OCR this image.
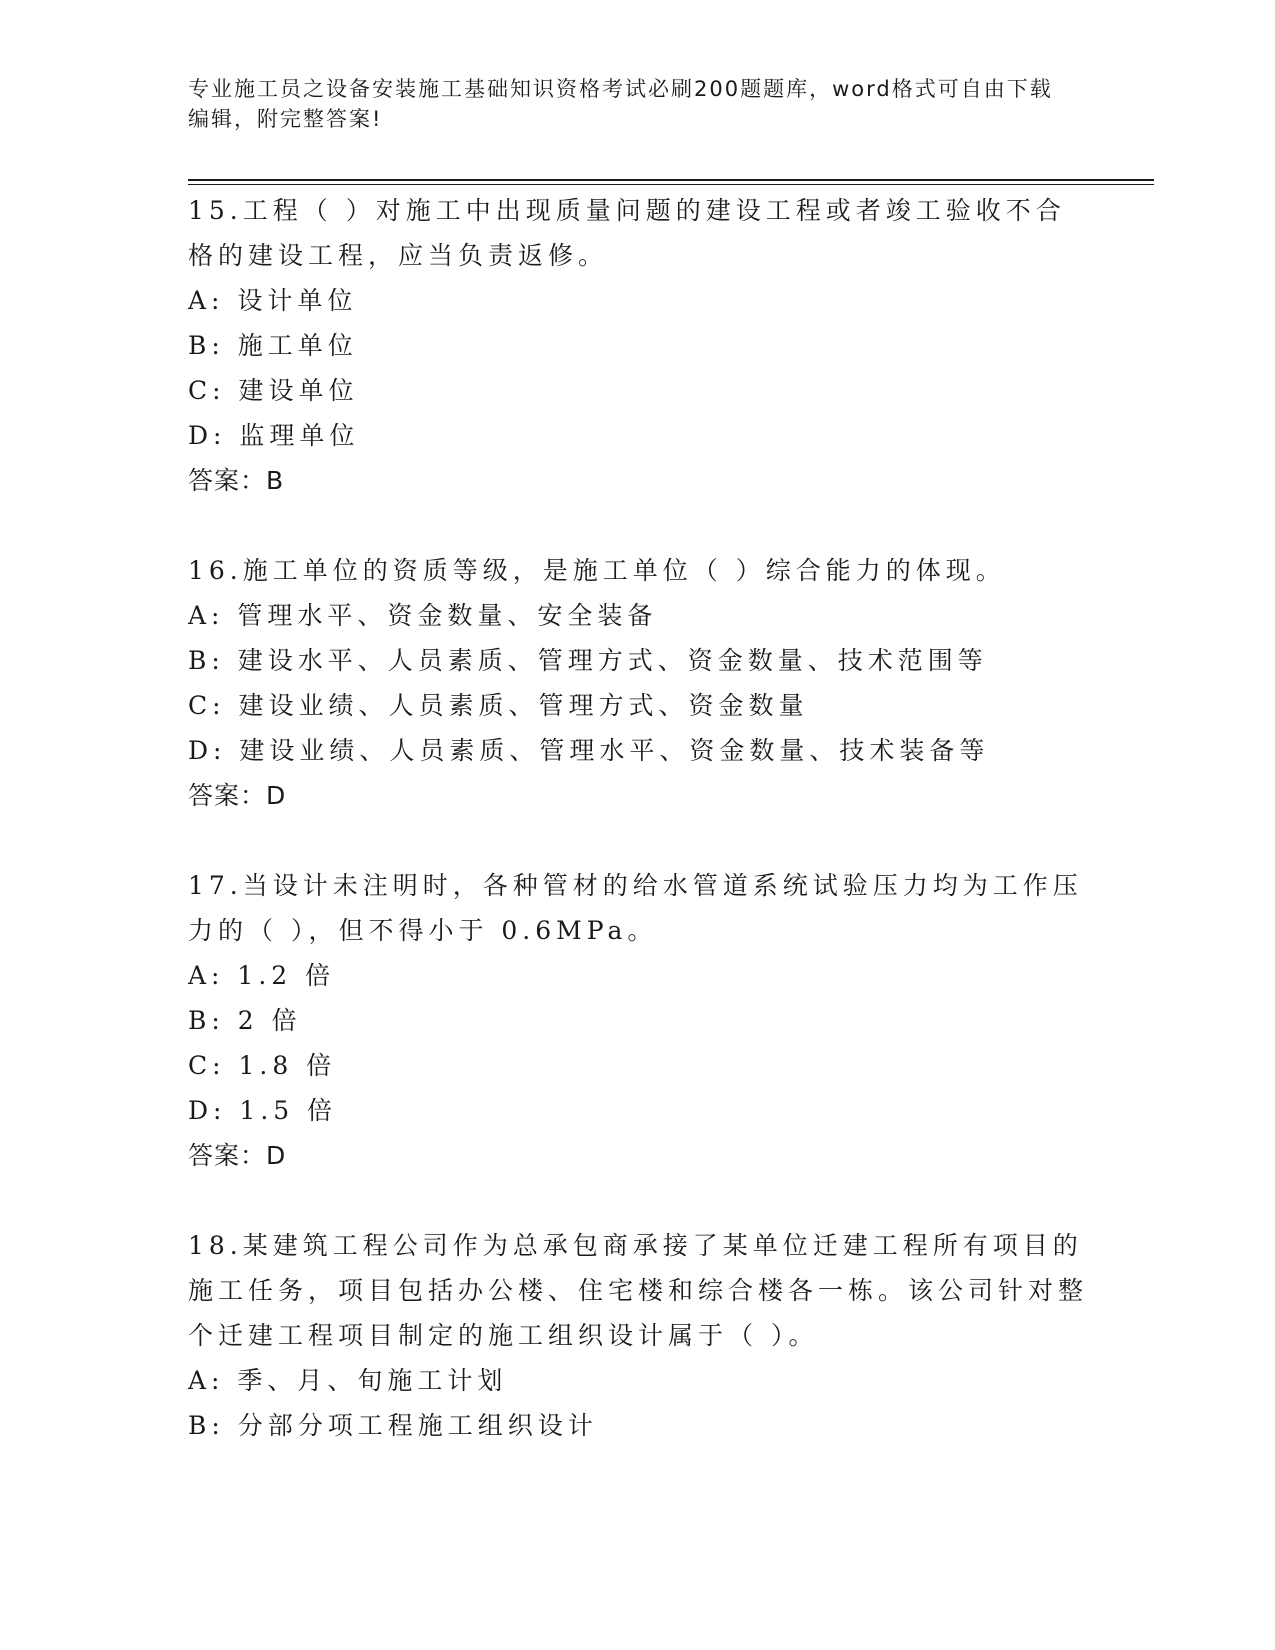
专业施工员之设备安装施工基础知识资格考试必刷200题题库，word格式可自由下载编辑，附完整答案!
15.工程（ ）对施工中出现质量问题的建设工程或者竣工验收不合格的建设工程，应当负责返修。
A: 设计单位
B: 施工单位
C: 建设单位
D: 监理单位
答案：B
16.施工单位的资质等级，是施工单位（ ）综合能力的体现。
A: 管理水平、资金数量、安全装备
B: 建设水平、人员素质、管理方式、资金数量、技术范围等
C: 建设业绩、人员素质、管理方式、资金数量
D: 建设业绩、人员素质、管理水平、资金数量、技术装备等
答案：D
17.当设计未注明时，各种管材的给水管道系统试验压力均为工作压力的（ ），但不得小于 0.6MPa。
A: 1.2 倍
B: 2 倍
C: 1.8 倍
D: 1.5 倍
答案：D
18.某建筑工程公司作为总承包商承接了某单位迁建工程所有项目的施工任务，项目包括办公楼、住宅楼和综合楼各一栋。该公司针对整个迁建工程项目制定的施工组织设计属于（ ）。
A: 季、月、旬施工计划
B: 分部分项工程施工组织设计
